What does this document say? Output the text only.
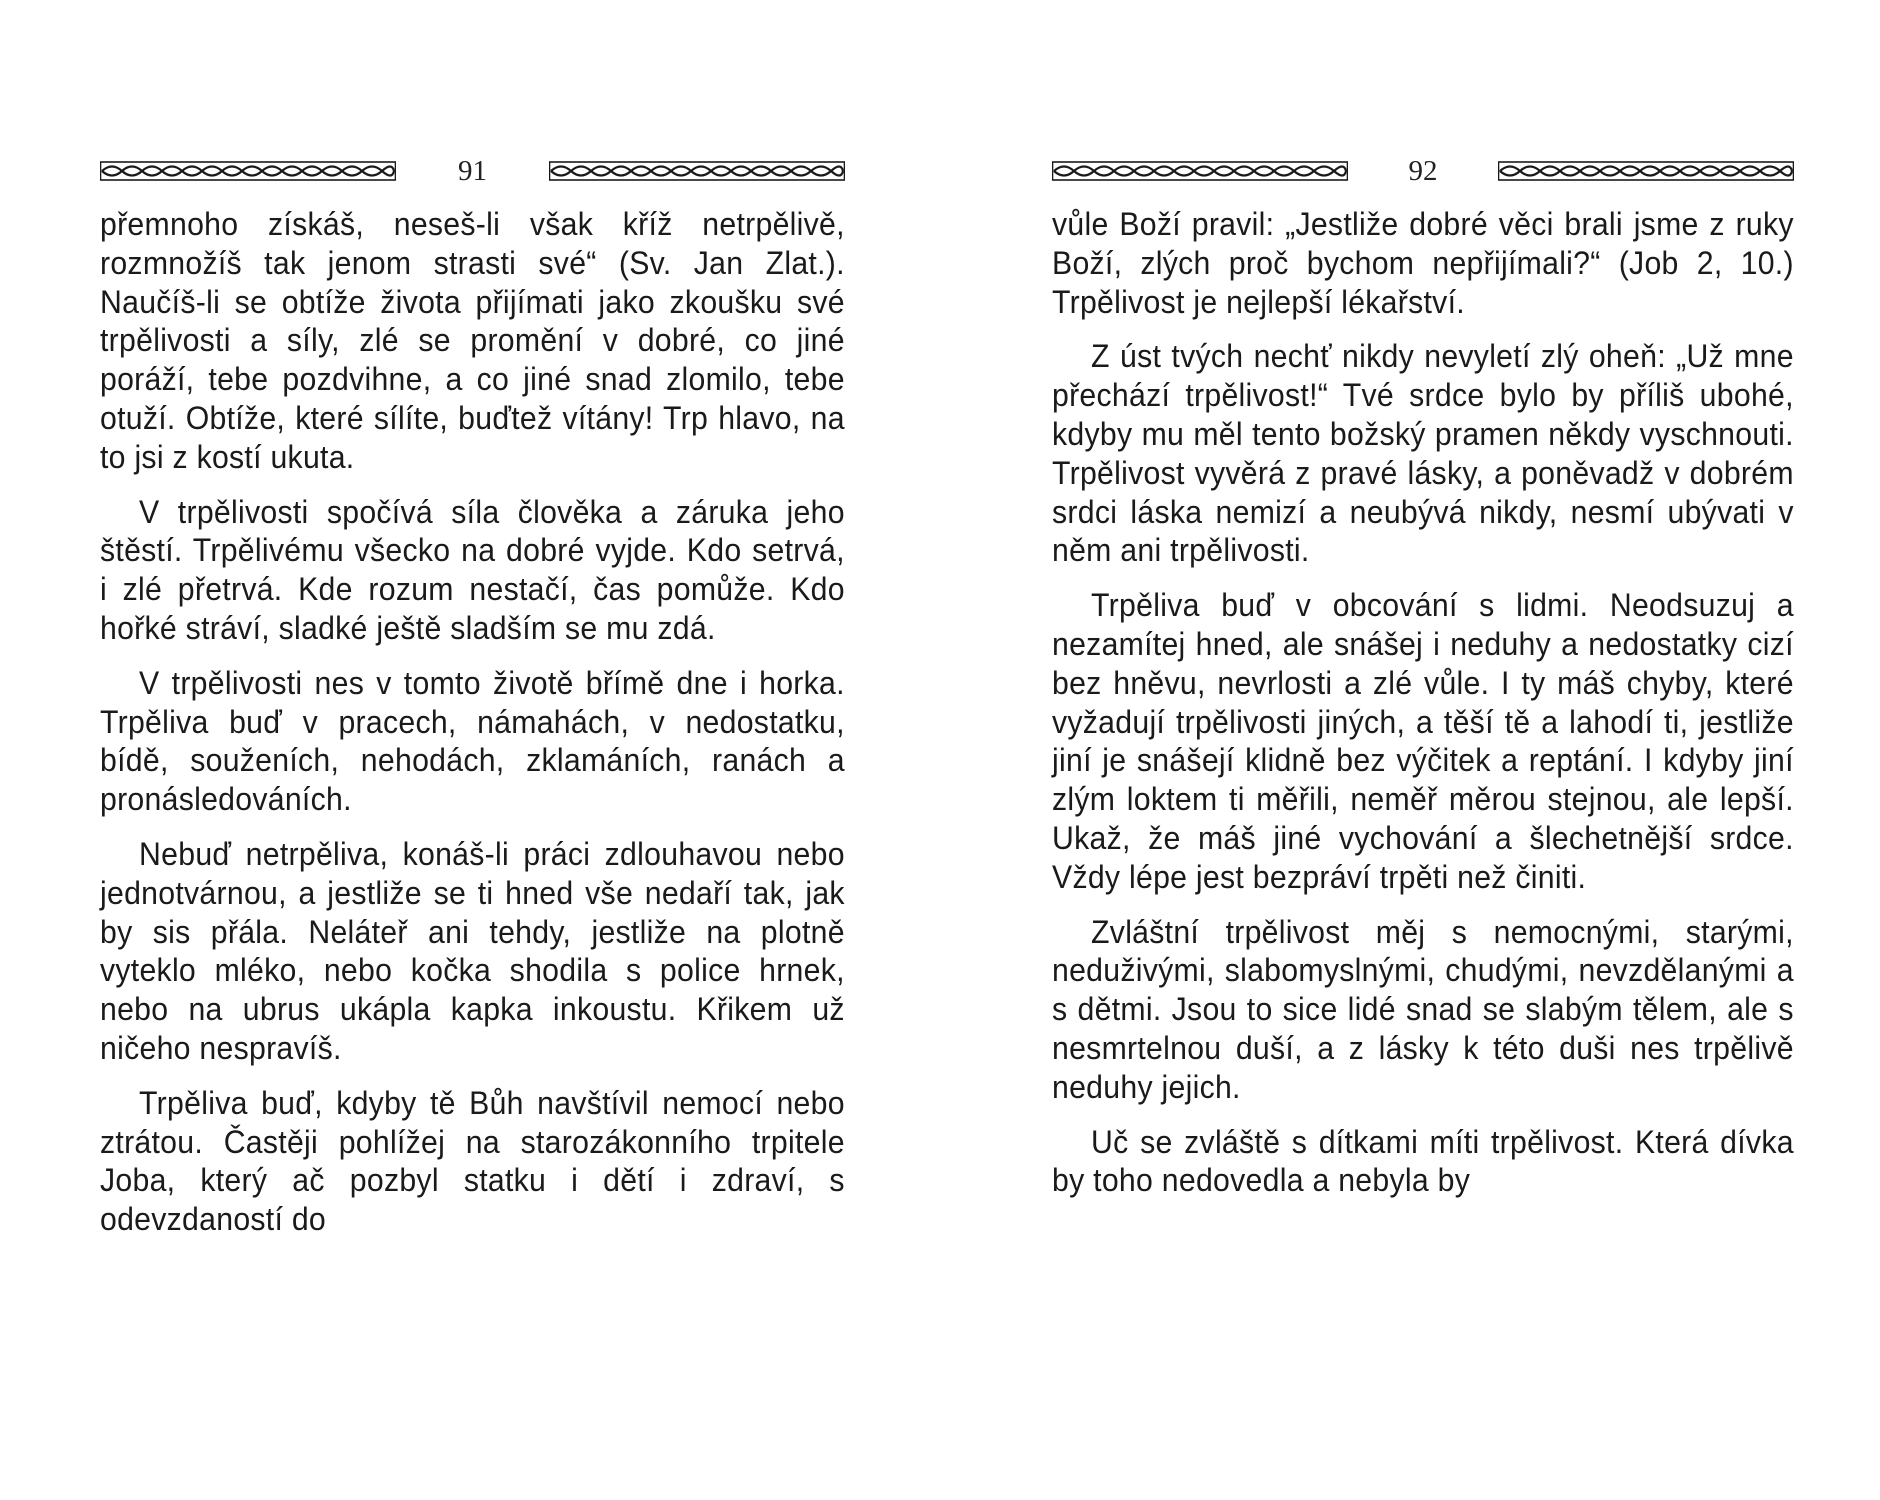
91

přemnoho získáš, neseš-li však kříž netrpělivě, rozmnožíš tak jenom strasti své“ (Sv. Jan Zlat.). Naučíš-li se obtíže života přijímati jako zkoušku své trpělivosti a síly, zlé se promění v dobré, co jiné poráží, tebe pozdvihne, a co jiné snad zlomilo, tebe otuží. Obtíže, které sílíte, buďtež vítány! Trp hlavo, na to jsi z kostí ukuta.

V trpělivosti spočívá síla člověka a záruka jeho štěstí. Trpělivému všecko na dobré vyjde. Kdo setrvá, i zlé přetrvá. Kde rozum nestačí, čas pomůže. Kdo hořké stráví, sladké ještě sladším se mu zdá.

V trpělivosti nes v tomto životě břímě dne i horka. Trpěliva buď v pracech, námahách, v nedostatku, bídě, souženích, nehodách, zklamáních, ranách a pronásledováních.

Nebuď netrpěliva, konáš-li práci zdlouhavou nebo jednotvárnou, a jestliže se ti hned vše nedaří tak, jak by sis přála. Neláteř ani tehdy, jestliže na plotně vyteklo mléko, nebo kočka shodila s police hrnek, nebo na ubrus ukápla kapka inkoustu. Křikem už ničeho nespravíš.

Trpěliva buď, kdyby tě Bůh navštívil nemocí nebo ztrátou. Častěji pohlížej na starozákonního trpitele Joba, který ač pozbyl statku i dětí i zdraví, s odevzdaností do

92

vůle Boží pravil: „Jestliže dobré věci brali jsme z ruky Boží, zlých proč bychom nepřijímali?“ (Job 2, 10.) Trpělivost je nejlepší lékařství.

Z úst tvých nechť nikdy nevyletí zlý oheň: „Už mne přechází trpělivost!“ Tvé srdce bylo by příliš ubohé, kdyby mu měl tento božský pramen někdy vyschnouti. Trpělivost vyvěrá z pravé lásky, a poněvadž v dobrém srdci láska nemizí a neubývá nikdy, nesmí ubývati v něm ani trpělivosti.

Trpěliva buď v obcování s lidmi. Neodsuzuj a nezamítej hned, ale snášej i neduhy a nedostatky cizí bez hněvu, nevrlosti a zlé vůle. I ty máš chyby, které vyžadují trpělivosti jiných, a těší tě a lahodí ti, jestliže jiní je snášejí klidně bez výčitek a reptání. I kdyby jiní zlým loktem ti měřili, neměř měrou stejnou, ale lepší. Ukaž, že máš jiné vychování a šlechetnější srdce. Vždy lépe jest bezpráví trpěti než činiti.

Zvláštní trpělivost měj s nemocnými, starými, neduživými, slabomyslnými, chudými, nevzdělanými a s dětmi. Jsou to sice lidé snad se slabým tělem, ale s nesmrtelnou duší, a z lásky k této duši nes trpělivě neduhy jejich.

Uč se zvláště s dítkami míti trpělivost. Která dívka by toho nedovedla a nebyla by
